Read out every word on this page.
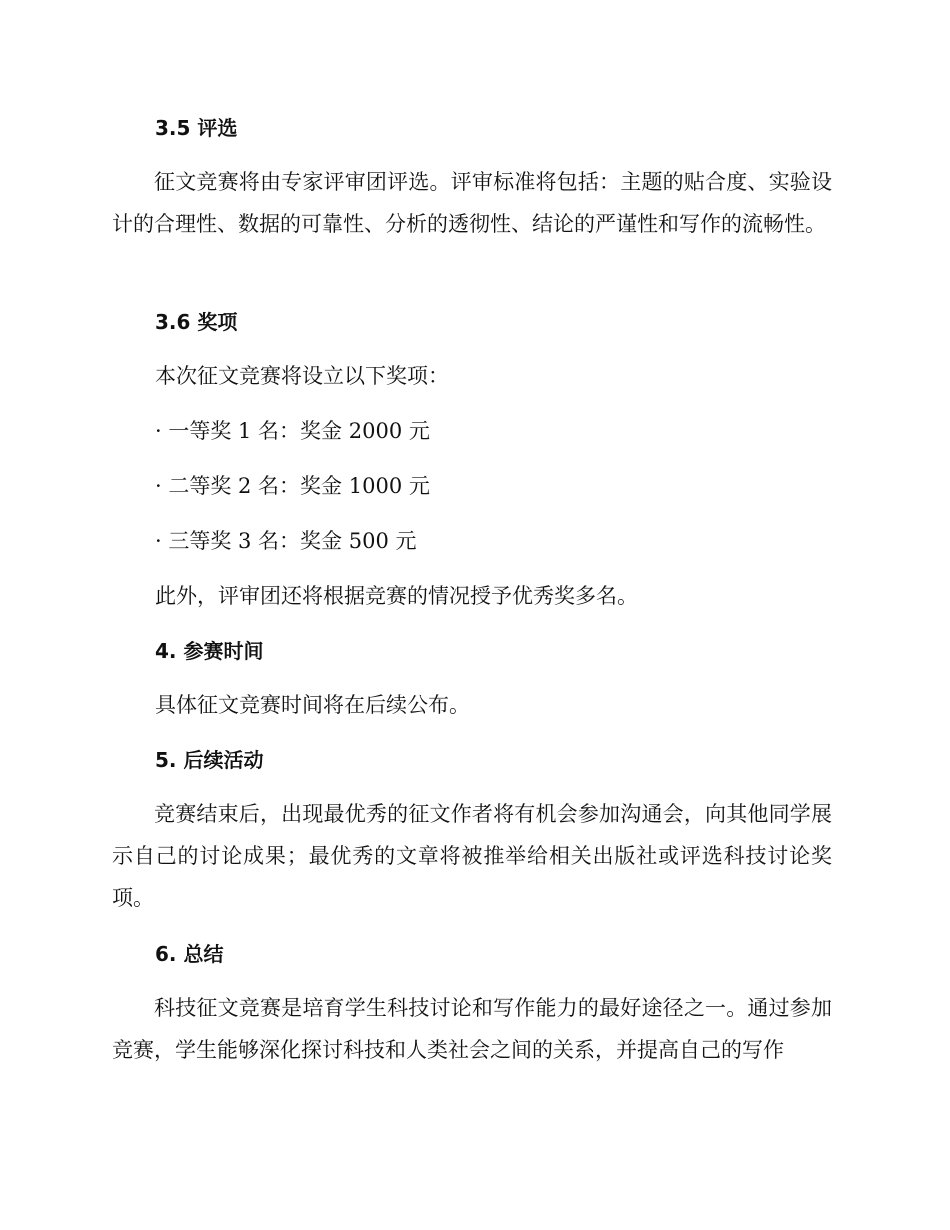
3.5 评选
征文竞赛将由专家评审团评选。评审标准将包括：主题的贴合度、实验设计的合理性、数据的可靠性、分析的透彻性、结论的严谨性和写作的流畅性。
3.6 奖项
本次征文竞赛将设立以下奖项：
· 一等奖 1 名：奖金 2000 元
· 二等奖 2 名：奖金 1000 元
· 三等奖 3 名：奖金 500 元
此外，评审团还将根据竞赛的情况授予优秀奖多名。
4. 参赛时间
具体征文竞赛时间将在后续公布。
5. 后续活动
竞赛结束后，出现最优秀的征文作者将有机会参加沟通会，向其他同学展示自己的讨论成果；最优秀的文章将被推举给相关出版社或评选科技讨论奖项。
6. 总结
科技征文竞赛是培育学生科技讨论和写作能力的最好途径之一。通过参加竞赛，学生能够深化探讨科技和人类社会之间的关系，并提高自己的写作
